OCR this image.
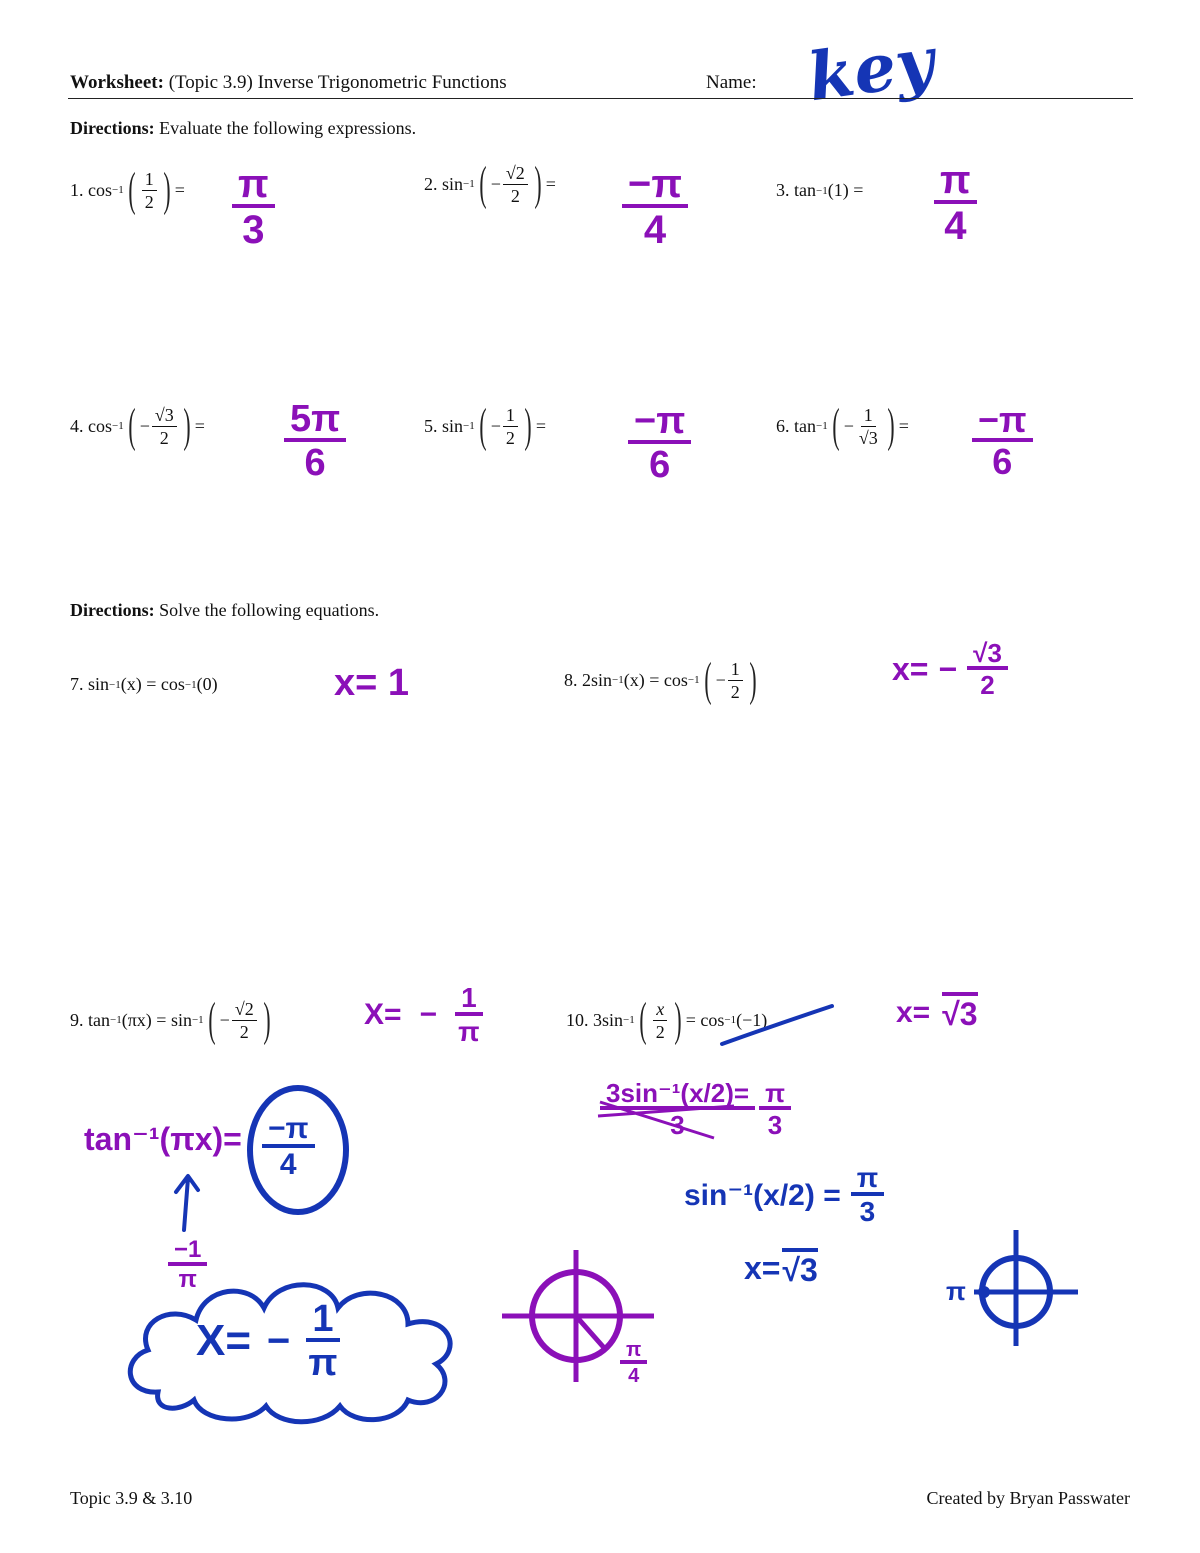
Worksheet: (Topic 3.9) Inverse Trigonometric Functions	Name: key
Directions: Evaluate the following expressions.
1.
cos −1 ( $\frac{1}{2}$ ) = $\frac{\pi}{3}$	2.
sin −1 ( − $\frac{√2}{2}$ ) = $\frac{-\pi}{4}$	3.
tan −1 (1)
= $\frac{\pi}{4}$
4.
cos −1 ( − $\frac{√3}{2}$ ) = $\frac{5\pi}{6}$	5.
sin −1 ( − $\frac{1}{2}$ ) = $\frac{-\pi}{6}$	6.
tan −1 ( − $\frac{1}{√3}$ ) = $\frac{-\pi}{6}$
Directions: Solve the following equations.
7.
sin −1 (x) = cos −1 (0)	x= 1	8.
2sin −1 (x) = cos −1 ( − $\frac{1}{2}$ )	$x= - \frac{√3}{2}$
9.
tan −1 (πx) = sin −1 ( − $\frac{√2}{2}$ )	$X= - \frac{1}{\pi}$	10.
3sin −1 ( $\frac{x}{2}$ ) = cos −1 (−1)	x= √3
$\tan^{-1}(\pi x)= \frac{-\pi}{4}$
$\frac{-1}{\pi}$
$X= - \frac{1}{\pi}$	$\frac{\pi}{4}$
$\frac{\text{3sin⁻¹(x/2)=}}{3} \frac{\pi}{3}$
$\sin^{-1}(x/2) = \frac{\pi}{3}$
x= √3
π
Topic 3.9 & 3.10	Created by Bryan Passwater
